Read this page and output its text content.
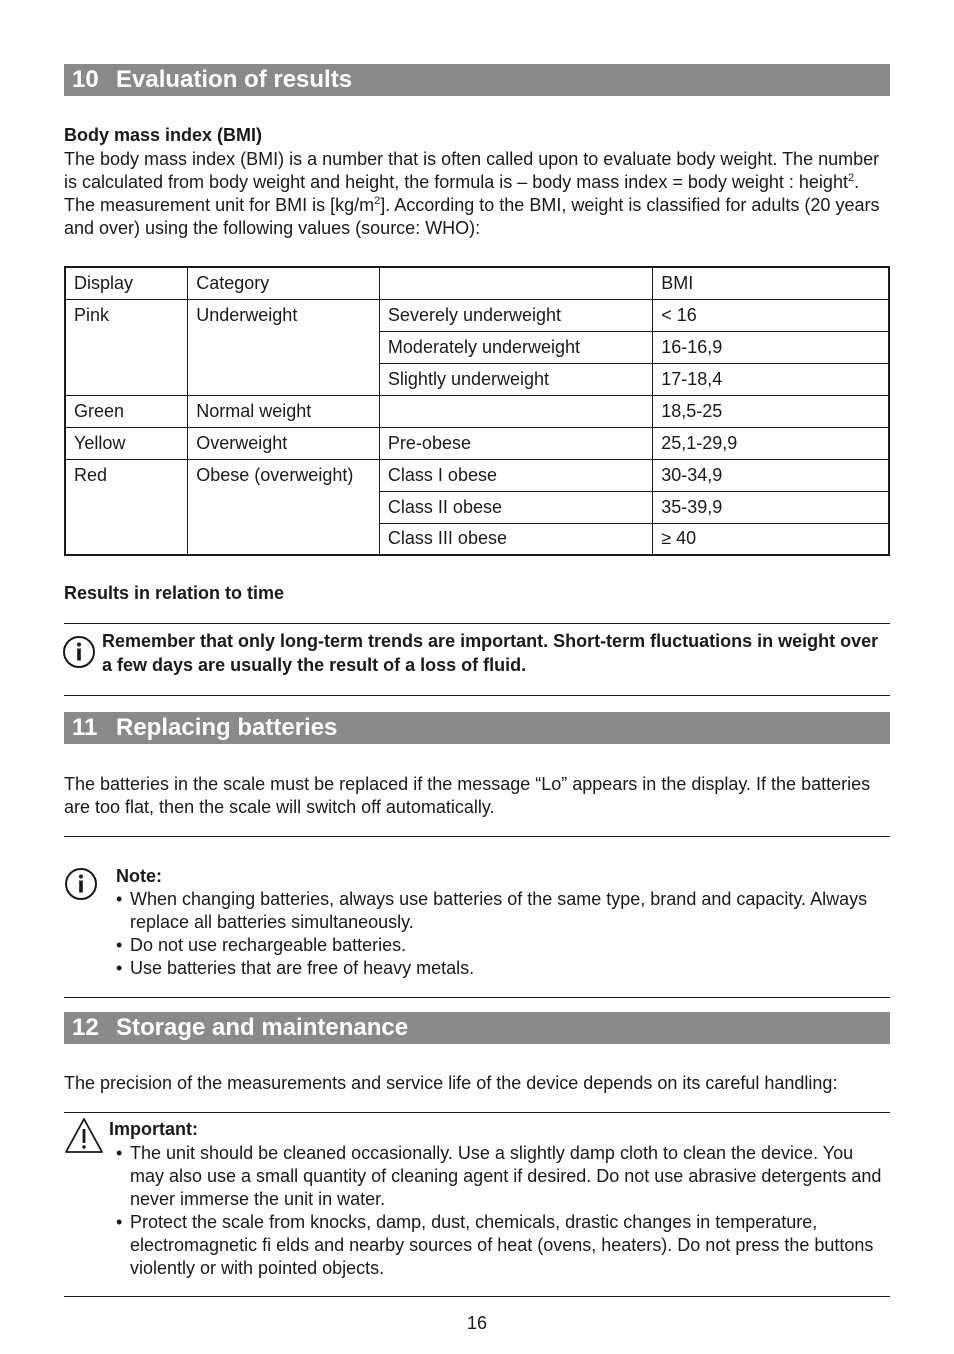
10 Evaluation of results
Body mass index (BMI)
The body mass index (BMI) is a number that is often called upon to evaluate body weight. The number is calculated from body weight and height, the formula is – body mass index = body weight : height$^2$. The measurement unit for BMI is $[kg/m^2]$. According to the BMI, weight is classified for adults (20 years and over) using the following values (source: WHO):
Display	Category		BMI
Pink	Underweight	Severely underweight	< 16
		Moderately underweight	16-16,9
		Slightly underweight	17-18,4
Green	Normal weight		18,5-25
Yellow	Overweight	Pre-obese	25,1-29,9
Red	Obese (overweight)	Class I obese	30-34,9
		Class II obese	35-39,9
		Class III obese	≥ 40
Results in relation to time
Remember that only long-term trends are important. Short-term fluctuations in weight over a few days are usually the result of a loss of fluid.
11 Replacing batteries
The batteries in the scale must be replaced if the message “Lo” appears in the display. If the batteries are too flat, then the scale will switch off automatically.
Note:
• When changing batteries, always use batteries of the same type, brand and capacity. Always replace all batteries simultaneously.
• Do not use rechargeable batteries.
• Use batteries that are free of heavy metals.
12 Storage and maintenance
The precision of the measurements and service life of the device depends on its careful handling:
Important:
• The unit should be cleaned occasionally. Use a slightly damp cloth to clean the device. You may also use a small quantity of cleaning agent if desired. Do not use abrasive detergents and never immerse the unit in water.
• Protect the scale from knocks, damp, dust, chemicals, drastic changes in temperature, electromagnetic fi elds and nearby sources of heat (ovens, heaters). Do not press the buttons violently or with pointed objects.
16
